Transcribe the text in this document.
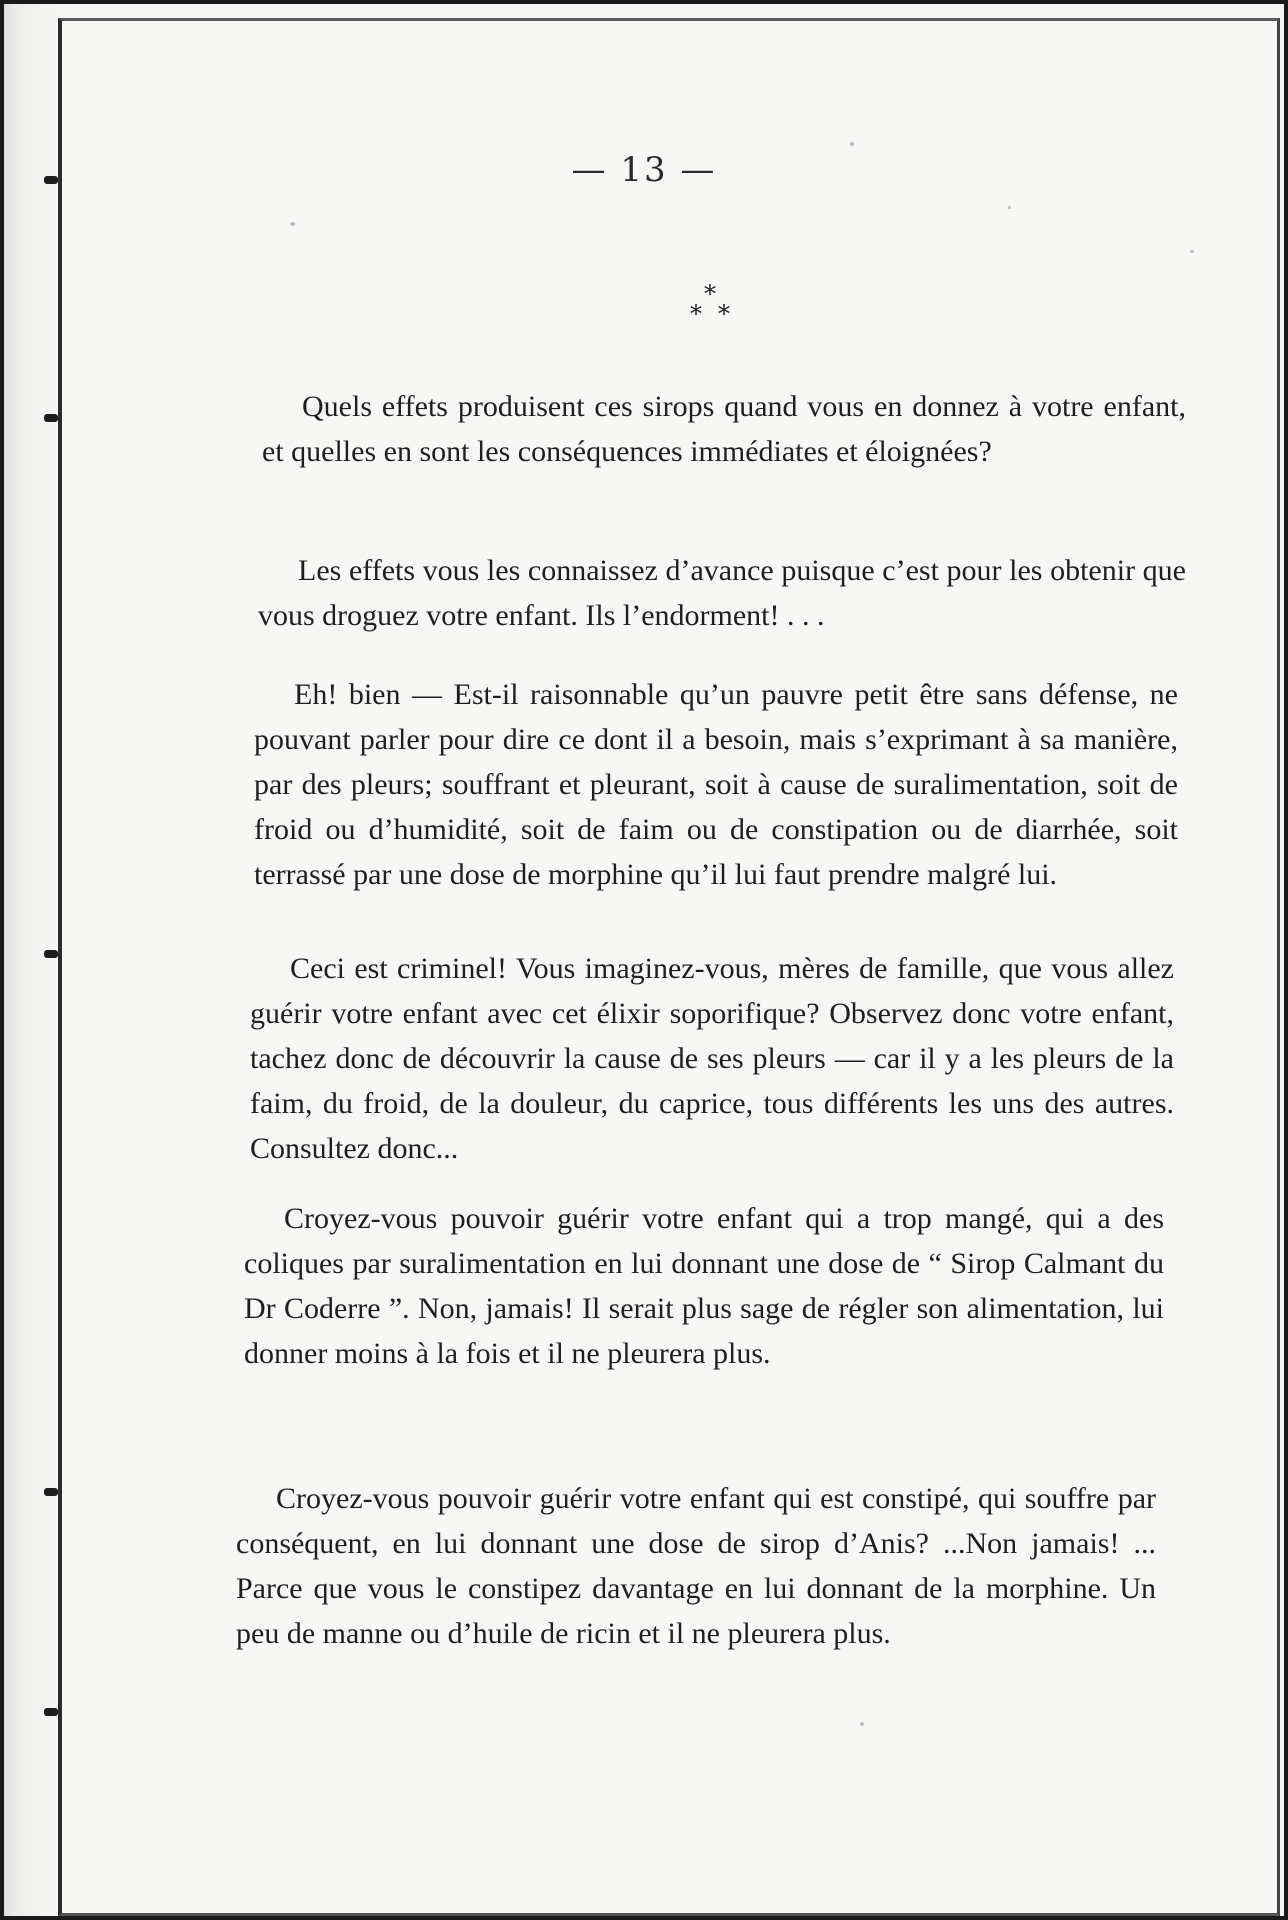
— 13 —
*
* *

Quels effets produisent ces sirops quand vous en donnez à votre enfant, et quelles en sont les conséquences immédiates et éloignées?

Les effets vous les connaissez d’avance puisque c’est pour les obtenir que vous droguez votre enfant. Ils l’endorment! . . .

Eh! bien — Est-il raisonnable qu’un pauvre petit être sans défense, ne pouvant parler pour dire ce dont il a besoin, mais s’exprimant à sa manière, par des pleurs; souffrant et pleurant, soit à cause de suralimentation, soit de froid ou d’humidité, soit de faim ou de constipation ou de diarrhée, soit terrassé par une dose de morphine qu’il lui faut prendre malgré lui.

Ceci est criminel! Vous imaginez-vous, mères de famille, que vous allez guérir votre enfant avec cet élixir soporifique? Observez donc votre enfant, tachez donc de découvrir la cause de ses pleurs — car il y a les pleurs de la faim, du froid, de la douleur, du caprice, tous différents les uns des autres. Consultez donc...

Croyez-vous pouvoir guérir votre enfant qui a trop mangé, qui a des coliques par suralimentation en lui donnant une dose de “ Sirop Calmant du Dr Coderre ”. Non, jamais! Il serait plus sage de régler son alimentation, lui donner moins à la fois et il ne pleurera plus.

Croyez-vous pouvoir guérir votre enfant qui est constipé, qui souffre par conséquent, en lui donnant une dose de sirop d’Anis? ...Non jamais! ... Parce que vous le constipez davantage en lui donnant de la morphine. Un peu de manne ou d’huile de ricin et il ne pleurera plus.
